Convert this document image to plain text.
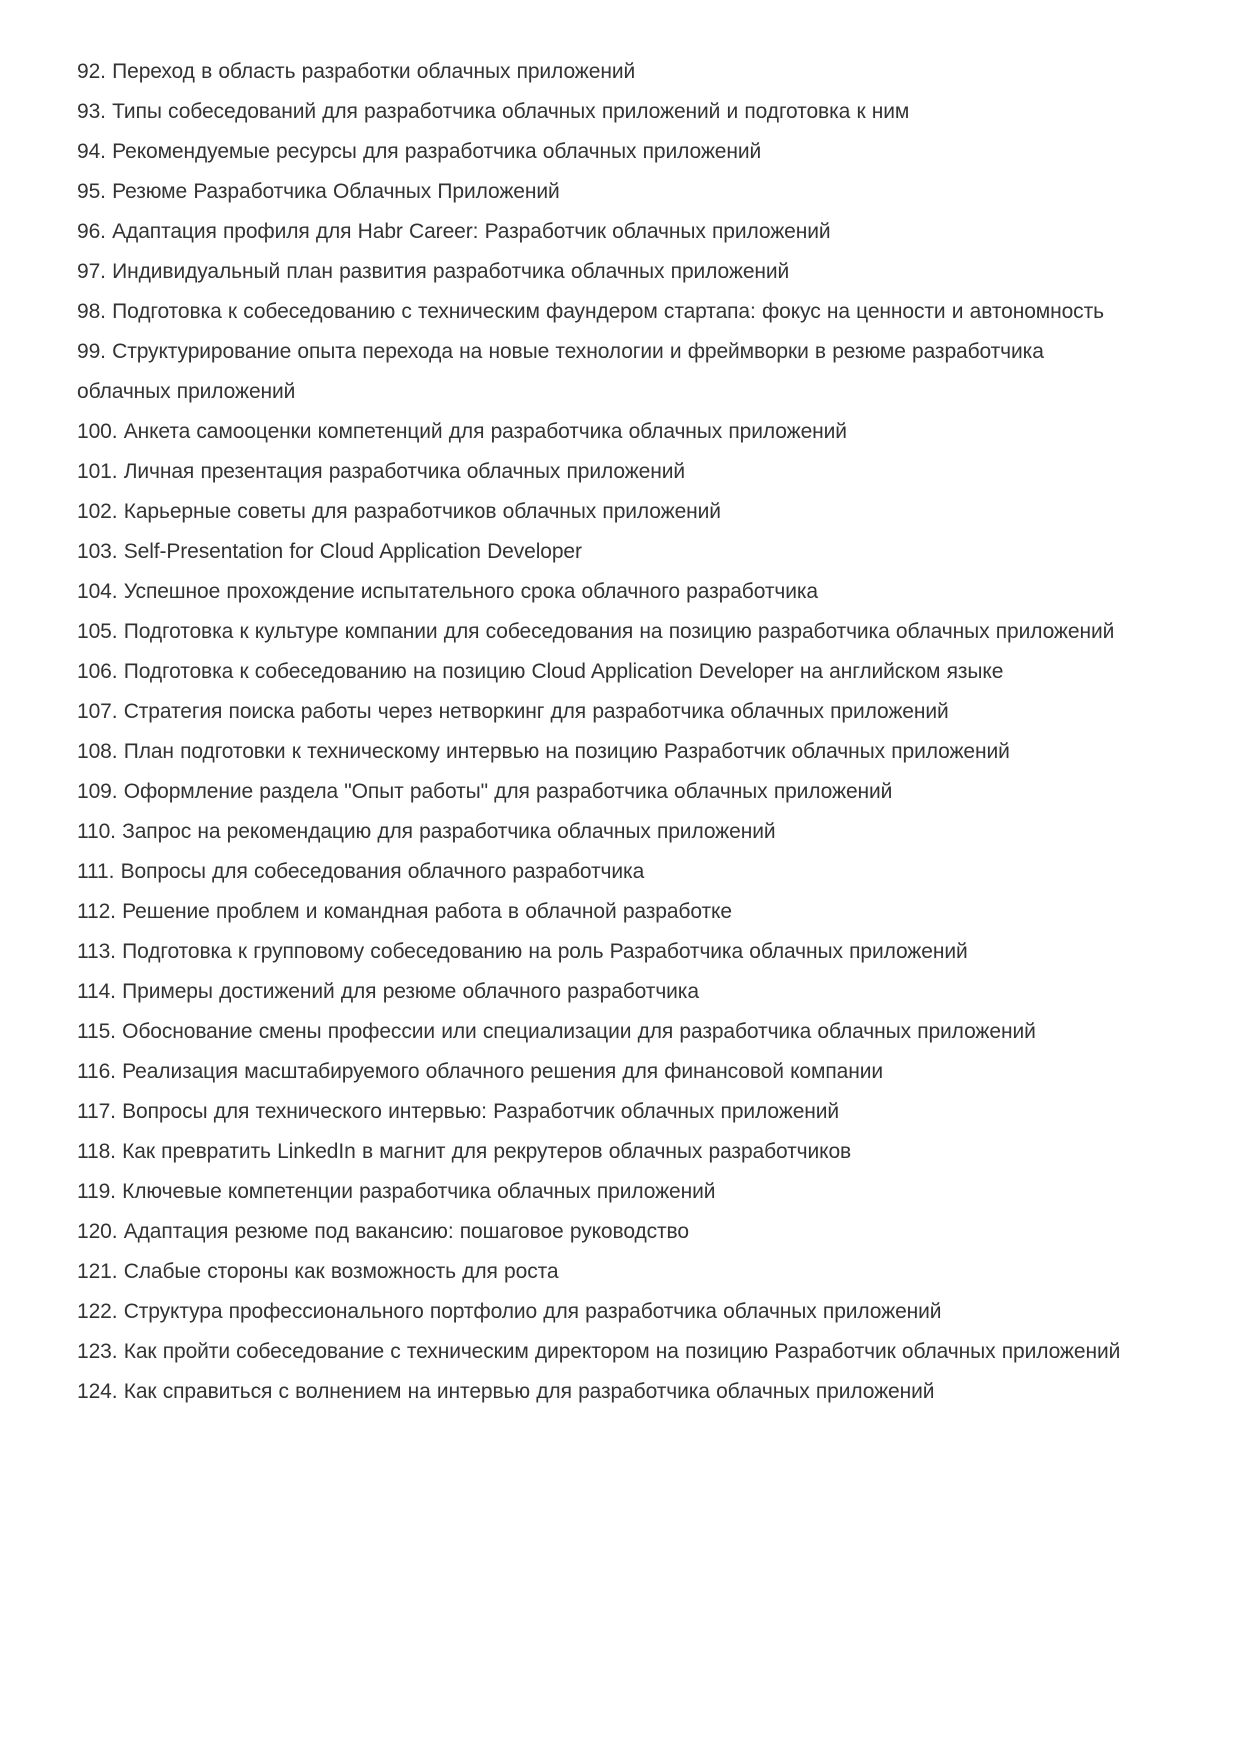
92. Переход в область разработки облачных приложений

93. Типы собеседований для разработчика облачных приложений и подготовка к ним

94. Рекомендуемые ресурсы для разработчика облачных приложений

95. Резюме Разработчика Облачных Приложений

96. Адаптация профиля для Habr Career: Разработчик облачных приложений

97. Индивидуальный план развития разработчика облачных приложений

98. Подготовка к собеседованию с техническим фаундером стартапа: фокус на ценности и автономность

99. Структурирование опыта перехода на новые технологии и фреймворки в резюме разработчика облачных приложений

100. Анкета самооценки компетенций для разработчика облачных приложений

101. Личная презентация разработчика облачных приложений

102. Карьерные советы для разработчиков облачных приложений

103. Self-Presentation for Cloud Application Developer

104. Успешное прохождение испытательного срока облачного разработчика

105. Подготовка к культуре компании для собеседования на позицию разработчика облачных приложений

106. Подготовка к собеседованию на позицию Cloud Application Developer на английском языке

107. Стратегия поиска работы через нетворкинг для разработчика облачных приложений

108. План подготовки к техническому интервью на позицию Разработчик облачных приложений

109. Оформление раздела "Опыт работы" для разработчика облачных приложений

110. Запрос на рекомендацию для разработчика облачных приложений

111. Вопросы для собеседования облачного разработчика

112. Решение проблем и командная работа в облачной разработке

113. Подготовка к групповому собеседованию на роль Разработчика облачных приложений

114. Примеры достижений для резюме облачного разработчика

115. Обоснование смены профессии или специализации для разработчика облачных приложений

116. Реализация масштабируемого облачного решения для финансовой компании

117. Вопросы для технического интервью: Разработчик облачных приложений

118. Как превратить LinkedIn в магнит для рекрутеров облачных разработчиков

119. Ключевые компетенции разработчика облачных приложений

120. Адаптация резюме под вакансию: пошаговое руководство

121. Слабые стороны как возможность для роста

122. Структура профессионального портфолио для разработчика облачных приложений

123. Как пройти собеседование с техническим директором на позицию Разработчик облачных приложений

124. Как справиться с волнением на интервью для разработчика облачных приложений
